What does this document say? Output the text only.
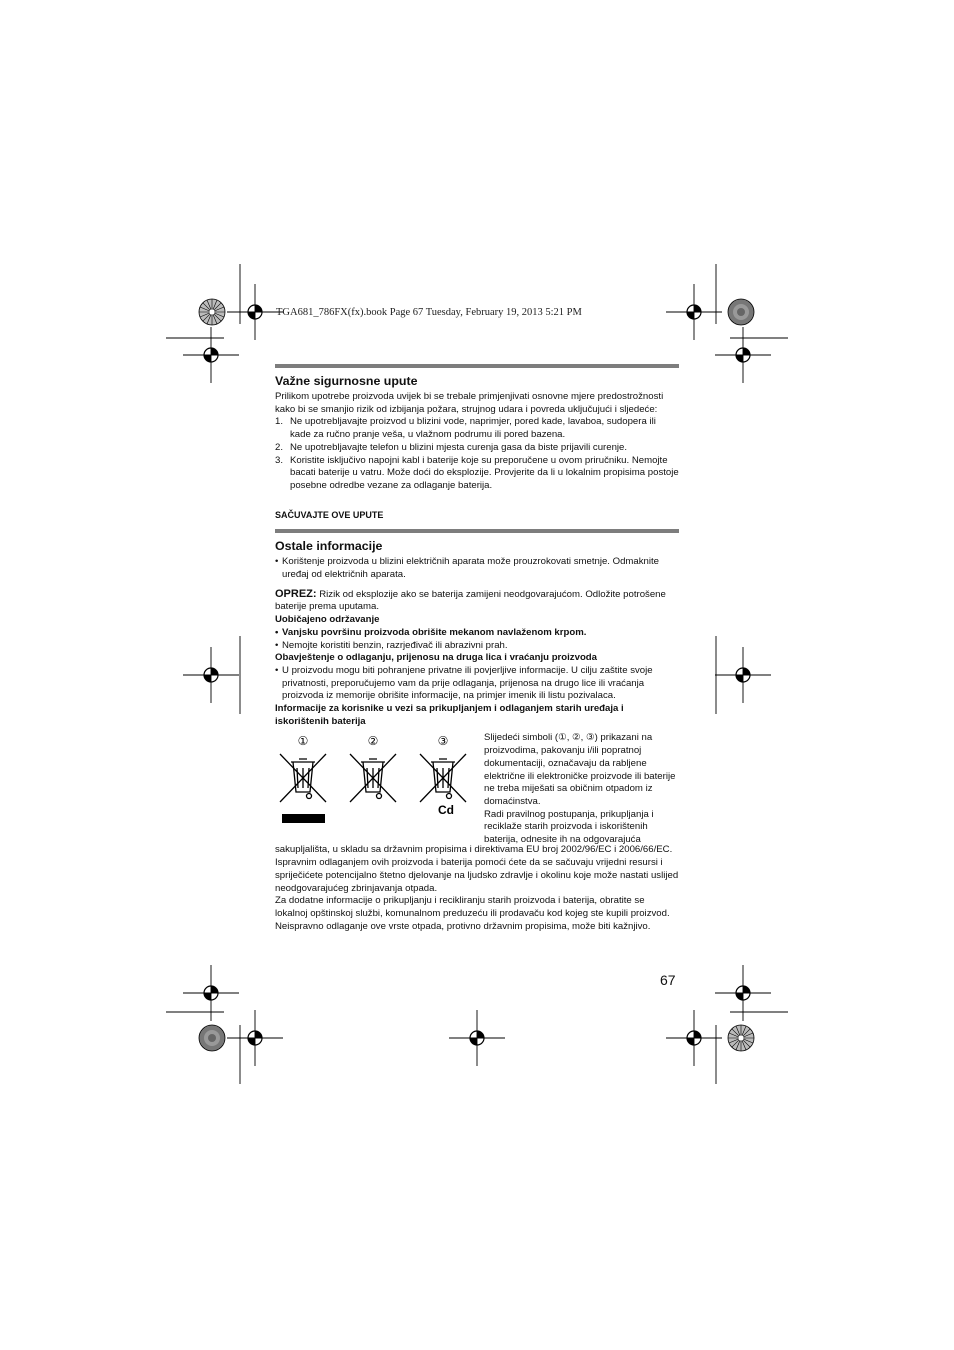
TGA681_786FX(fx).book Page 67 Tuesday, February 19, 2013 5:21 PM
Važne sigurnosne upute

Prilikom upotrebe proizvoda uvijek bi se trebale primjenjivati osnovne mjere predostrožnosti kako bi se smanjio rizik od izbijanja požara, strujnog udara i povreda uključujući i sljedeće:

1. Ne upotrebljavajte proizvod u blizini vode, naprimjer, pored kade, lavaboa, sudopera ili kade za ručno pranje veša, u vlažnom podrumu ili pored bazena.
2. Ne upotrebljavajte telefon u blizini mjesta curenja gasa da biste prijavili curenje.
3. Koristite isključivo napojni kabl i baterije koje su preporučene u ovom priručniku. Nemojte bacati baterije u vatru. Može doći do eksplozije. Provjerite da li u lokalnim propisima postoje posebne odredbe vezane za odlaganje baterija.

SAČUVAJTE OVE UPUTE

Ostale informacije

• Korištenje proizvoda u blizini električnih aparata može prouzrokovati smetnje. Odmaknite uređaj od električnih aparata.

OPREZ: Rizik od eksplozije ako se baterija zamijeni neodgovarajućom. Odložite potrošene baterije prema uputama.

Uobičajeno održavanje

• Vanjsku površinu proizvoda obrišite mekanom navlaženom krpom.

• Nemojte koristiti benzin, razrjeđivač ili abrazivni prah.

Obavještenje o odlaganju, prijenosu na druga lica i vraćanju proizvoda

• U proizvodu mogu biti pohranjene privatne ili povjerljive informacije. U cilju zaštite svoje privatnosti, preporučujemo vam da prije odlaganja, prijenosa na drugo lice ili vraćanja proizvoda iz memorije obrišite informacije, na primjer imenik ili listu pozivalaca.

Informacije za korisnike u vezi sa prikupljanjem i odlaganjem starih uređaja i iskorištenih baterija

①	②	③
Cd

Slijedeći simboli (①, ②, ③) prikazani na proizvodima, pakovanju i/ili popratnoj dokumentaciji, označavaju da rabljene električne ili elektroničke proizvode ili baterije ne treba miješati sa običnim otpadom iz domaćinstva.

Radi pravilnog postupanja, prikupljanja i reciklaže starih proizvoda i iskorištenih baterija, odnesite ih na odgovarajuća

sakupljališta, u skladu sa državnim propisima i direktivama EU broj 2002/96/EC i 2006/66/EC.

Ispravnim odlaganjem ovih proizvoda i baterija pomoći ćete da se sačuvaju vrijedni resursi i spriječićete potencijalno štetno djelovanje na ljudsko zdravlje i okolinu koje može nastati uslijed neodgovarajućeg zbrinjavanja otpada.

Za dodatne informacije o prikupljanju i recikliranju starih proizvoda i baterija, obratite se lokalnoj opštinskoj službi, komunalnom preduzeću ili prodavaču kod kojeg ste kupili proizvod.

Neispravno odlaganje ove vrste otpada, protivno državnim propisima, može biti kažnjivo.

67
